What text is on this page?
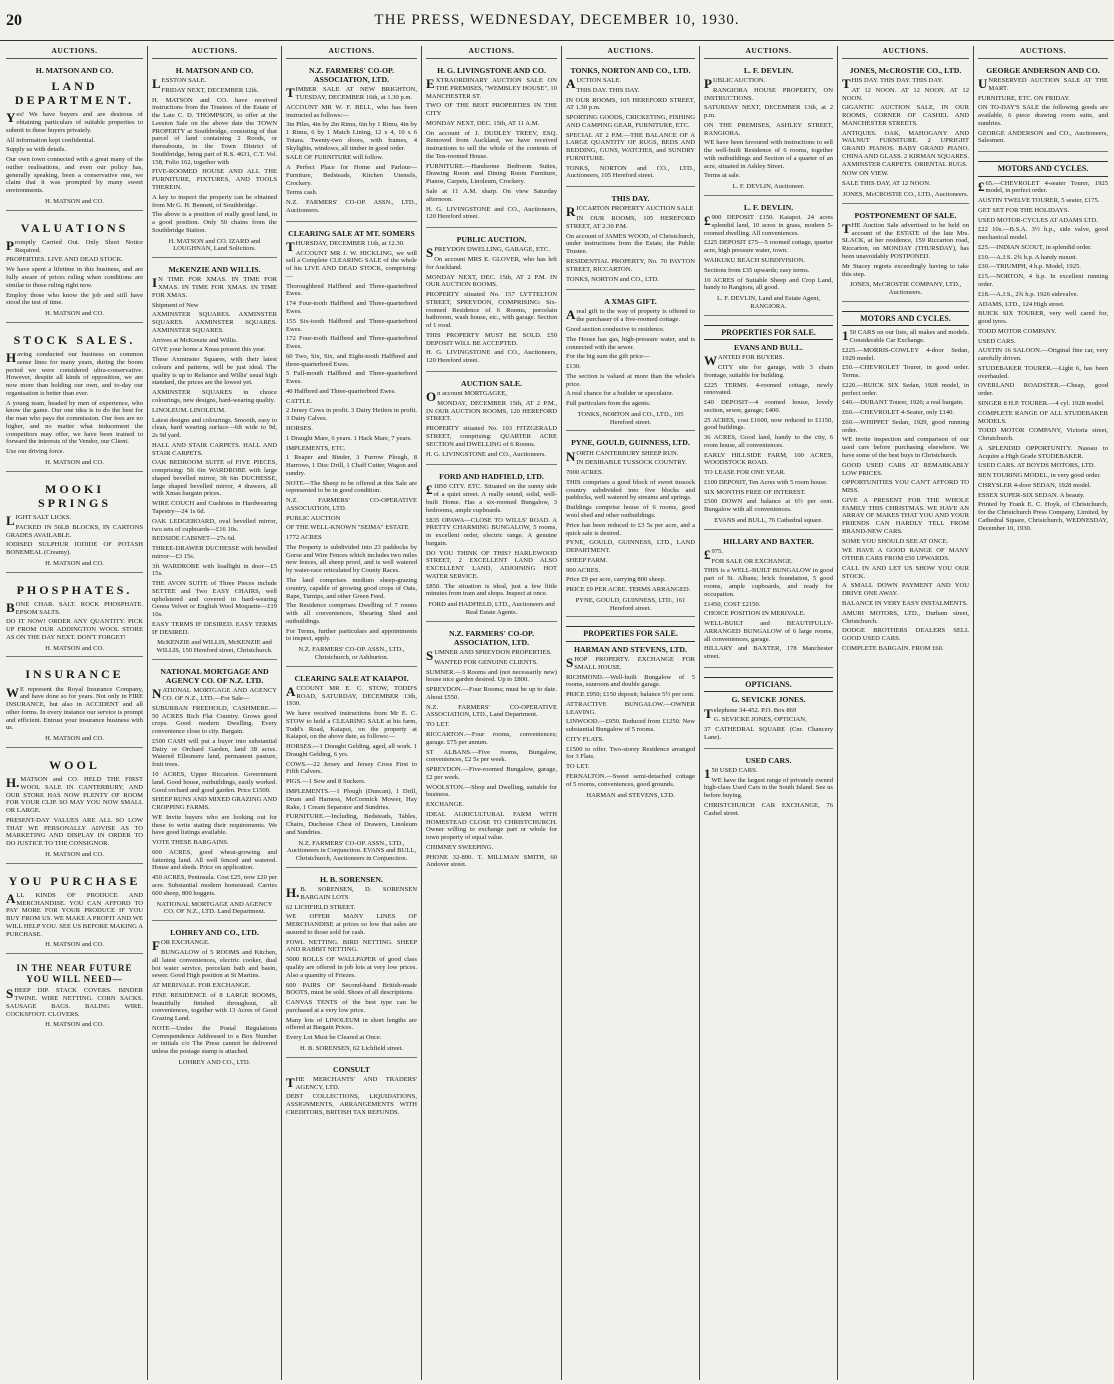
20	THE PRESS, WEDNESDAY, DECEMBER 10, 1930.
AUCTIONS.
H. MATSON AND CO.
LAND DEPARTMENT.

Yes! We have buyers and are desirous of obtaining particulars of suitable properties to submit to these buyers privately.

All information kept confidential.

Supply us with details.

Our own town connected with a great many of the outlier realisations, and even our policy has, generally speaking, been a conservative one, we claim that it was prompted by many sweet environments.

H. MATSON and CO.
VALUATIONS

Promptly Carried Out. Only Short Notice Required.

PROPERTIES. LIVE AND DEAD STOCK.

We have spent a lifetime in this business, and are fully aware of prices ruling when conditions are similar to those ruling right now.

Employ those who know the job and still have stood the test of time.

H. MATSON and CO.
STOCK SALES.

Having conducted our business on common sense lines for many years, during the boom period we were considered ultra-conservative. However, despite all kinds of opposition, we are now more than holding our own, and to-day our organisation is better than ever.

A young team, headed by men of experience, who know the game. Our one idea is to do the best for the man who pays the commission. Our fees are no higher, and no matter what inducement the competitors may offer, we have been trained to forward the interests of the Vendor, our Client.

Use our driving force.

H. MATSON and CO.
MOOKI SPRINGS

LIGHT SALT LICKS.

PACKED IN 56LB BLOCKS, IN CARTONS GRADES AVAILABLE.

IODISED SULPHUR IODIDE OF POTASH BONEMEAL (Creamy).

H. MATSON and CO.
PHOSPHATES.

BONE CHAR. SALT. ROCK PHOSPHATE. EPSOM SALTS.

DO IT NOW! ORDER ANY QUANTITY. PICK UP FROM OUR ADDINGTON WOOL STORE AS ON THE DAY NEXT. DON'T FORGET!

H. MATSON and CO.
INSURANCE

WE represent the Royal Insurance Company, and have done so for years. Not only in FIRE INSURANCE, but also in ACCIDENT and all other forms. In every instance our service is prompt and efficient. Entrust your insurance business with us.

H. MATSON and CO.
WOOL

H.MATSON and CO. HELD THE FIRST WOOL SALE IN CANTERBURY, AND OUR STORE HAS NOW PLENTY OF ROOM FOR YOUR CLIP. SO MAY YOU NOW SMALL OR LARGE.

PRESENT-DAY VALUES ARE ALL SO LOW THAT WE PERSONALLY ADVISE AS TO MARKETING AND DISPLAY IN ORDER TO DO JUSTICE TO THE CONSIGNOR.

H. MATSON and CO.
YOU PURCHASE

ALL KINDS OF PRODUCE AND MERCHANDISE. YOU CAN AFFORD TO PAY MORE FOR YOUR PRODUCE IF YOU BUY FROM US. WE MAKE A PROFIT AND WE WILL HELP YOU. SEE US BEFORE MAKING A PURCHASE.

H. MATSON and CO.
IN THE NEAR FUTURE YOU WILL NEED—

SHEEP DIP. STACK COVERS. BINDER TWINE. WIRE NETTING. CORN SACKS. SAUSAGE BAGS. BALING WIRE. COCKSFOOT. CLOVERS.

H. MATSON and CO.
AUCTIONS.
H. MATSON AND CO.

LESSTON SALE.

FRIDAY NEXT, DECEMBER 12th.

H. MATSON and CO. have received instructions from the Trustees of the Estate of the Late C. D. THOMPSON, to offer at the Leeston Sale on the above date the TOWN PROPERTY at Southbridge, consisting of that parcel of land containing 2 Roods, or thereabouts, in the Town District of Southbridge, being part of R.S. 4631, C.T. Vol. 158, Folio 162, together with

FIVE-ROOMED HOUSE AND ALL THE FURNITURE, FIXTURES, AND TOOLS THEREIN.

A key to inspect the property can be obtained from Mr G. H. Bennett, of Southbridge.

The above is a position of really good land, in a good position. Only 50 chains from the Southbridge Station.

H. MATSON and CO. IZARD and LOUGHNAN, Land Solicitors.
McKENZIE AND WILLIS.

IN TIME FOR XMAS. IN TIME FOR XMAS. IN TIME FOR XMAS. IN TIME FOR XMAS.

Shipment of New

AXMINSTER SQUARES. AXMINSTER SQUARES. AXMINSTER SQUARES. AXMINSTER SQUARES.

Arrives at McKenzie and Willis.

GIVE your home a Xmas present this year.

These Axminster Squares, with their latest colours and patterns, will be just ideal. The quality is up to Reliance and Willis' usual high standard, the prices are the lowest yet.

AXMINSTER SQUARES in choice colourings, new designs, hard-wearing quality.

LINOLEUM. LINOLEUM.

Latest designs and colourings. Smooth, easy to clean, hard wearing surface—6ft wide to 9d, 2s 9d yard.

HALL AND STAIR CARPETS. HALL AND STAIR CARPETS.

OAK BEDROOM SUITE of FIVE PIECES, comprising: 5ft 6in WARDROBE with large shaped bevelled mirror, 3ft 6in DUCHESSE, large shaped bevelled mirror, 4 drawers, all with Xmas bargain prices.

WIRE COUCH and Cushions in Hardwearing Tapestry—24 1s 6d.

OAK LEDGEBOARD, oval bevelled mirror, two sets of cupboards—£16 10s.

BEDSIDE CABINET—27s 6d.

THREE-DRAWER DUCHESSE with bevelled mirror—£3 15s.

3ft WARDROBE with leadlight in door—£5 15s.

THE AVON SUITE of Three Pieces include SETTEE and Two EASY CHAIRS, well upholstered and covered in hard-wearing Genoa Velvet or English Wool Moquette—£19 10s.

EASY TERMS IF DESIRED. EASY TERMS IF DESIRED.

McKENZIE and WILLIS, McKENZIE and WILLIS, 150 Hereford street, Christchurch.
NATIONAL MORTGAGE AND AGENCY CO. OF N.Z. LTD.

NATIONAL MORTGAGE AND AGENCY CO. OF N.Z., LTD.—For Sale—

SUBURBAN FREEHOLD, CASHMERE.—50 ACRES Rich Flat Country. Grows good crops. Good modern Dwelling. Every convenience close to city. Bargain.

£500 CASH will put a buyer into substantial Dairy or Orchard Garden, land 38 acres. Watered Ellesmere land, permanent pasture, fruit trees.

10 ACRES, Upper Riccarton. Government land. Good house, outbuildings, easily worked. Good orchard and good garden. Price £1500.

SHEEP RUNS AND MIXED GRAZING AND CROPPING FARMS.

WE Invite buyers who are looking out for these to write stating their requirements. We have good listings available.

VOTE THESE BARGAINS.

600 ACRES, good wheat-growing and fattening land. All well fenced and watered. House and sheds. Price on application.

450 ACRES, Peninsula. Cost £25, now £20 per acre. Substantial modern homestead. Carries 600 sheep, 800 hoggets.

NATIONAL MORTGAGE AND AGENCY CO. OF N.Z., LTD. Land Department.
LOHREY AND CO., LTD.

FOR EXCHANGE.

BUNGALOW of 5 ROOMS and Kitchen, all latest conveniences, electric cooker, dual hot water service, porcelain bath and basin, sewer. Good High position at St Martins.

AT MERIVALE. FOR EXCHANGE.

FINE RESIDENCE of 8 LARGE ROOMS, beautifully finished throughout, all conveniences, together with 13 Acres of Good Grazing Land.

NOTE—Under the Postal Regulations Correspondence Addressed to a Box Number or initials c/o The Press cannot be delivered unless the postage stamp is attached.

LOHREY AND CO., LTD.
AUCTIONS.
N.Z. FARMERS' CO-OP. ASSOCIATION, LTD.

TIMBER SALE AT NEW BRIGHTON, TUESDAY, DECEMBER 16th, at 1.30 p.m.

ACCOUNT MR W. F. BELL, who has been instructed as follows:—

3in Piles, 4in by 2in Rimu, 6in by 1 Rimu, 4in by 1 Rimu, 6 by 1 Match Lining, 12 x 4, 10 x 6 Totara. Twenty-two doors, with frames, 4 Skylights, windows, all timber in good order.

SALE OF FURNITURE will follow.

A Perfect Place for Home and Parlour— Furniture, Bedsteads, Kitchen Utensils, Crockery.

Terms cash.

N.Z. FARMERS' CO-OP. ASSN., LTD., Auctioneers.

CLEARING SALE AT MT. SOMERS

THURSDAY, DECEMBER 11th, at 12.30.

ACCOUNT MR J. W. HICKLING, we will sell a Complete CLEARING SALE of the whole of his LIVE AND DEAD STOCK, comprising:—

Thoroughbred Halfbred and Three-quarterbred Ewes.

174 Four-tooth Halfbred and Three-quarterbred Ewes.

155 Six-tooth Halfbred and Three-quarterbred Ewes.

172 Four-tooth Halfbred and Three-quarterbred Ewes.

60 Two, Six, Six, and Eight-tooth Halfbred and three-quarterbred Ewes.

5 Full-mouth Halfbred and Three-quarterbred Ewes.

40 Halfbred and Three-quarterbred Ewes.

CATTLE.

2 Jersey Cows in profit. 3 Dairy Heifers in profit. 3 Dairy Calves.

HORSES.

1 Draught Mare, 6 years. 1 Hack Mare, 7 years.

IMPLEMENTS, ETC.

1 Reaper and Binder, 3 Furrow Plough, 8 Harrows, 1 Disc Drill, 1 Chaff Cutter, Wagon and sundry.

NOTE—The Sheep to be offered at this Sale are represented to be in good condition.

N.Z. FARMERS' CO-OPERATIVE ASSOCIATION, LTD.

PUBLIC AUCTION

OF THE WELL-KNOWN "SEIMA" ESTATE

1772 ACRES

The Property is subdivided into 23 paddocks by Gorse and Wire Fences which includes two miles new fences, all sheep proof, and is well watered by water-race reticulated by County Races.

The land comprises medium sheep-grazing country, capable of growing good crops of Oats, Rape, Turnips, and other Green Feed.

The Residence comprises Dwelling of 7 rooms with all conveniences, Shearing Shed and outbuildings.

For Terms, further particulars and appointments to inspect, apply.

N.Z. FARMERS' CO-OP. ASSN., LTD., Christchurch, or Ashburton.
CLEARING SALE AT KAIAPOI.

ACCOUNT MR E. C. STOW, TODD'S ROAD, SATURDAY, DECEMBER 13th, 1930.

We have received instructions from Mr E. C. STOW to hold a CLEARING SALE at his farm, Todd's Road, Kaiapoi, on the property at Kaiapoi, on the above date, as follows:—

HORSES.—1 Draught Gelding, aged, all work. 1 Draught Gelding, 6 yrs.

COWS.—22 Jersey and Jersey Cross First to Fifth Calvers.

PIGS.—1 Sow and 8 Suckers.

IMPLEMENTS.—1 Plough (Duncan), 1 Drill, Drum and Harness, McCormick Mower, Hay Rake, 1 Cream Separator and Sundries.

FURNITURE.—Including, Bedsteads, Tables, Chairs, Duchesse Chest of Drawers, Linoleum and Sundries.

N.Z. FARMERS' CO-OP. ASSN., LTD., Auctioneers in Conjunction. EVANS and BULL, Christchurch, Auctioneers in Conjunction.
H. B. SORENSEN.

H.B. SORENSEN, D. SORENSEN BARGAIN LOTS

62 LICHFIELD STREET.

WE OFFER MANY LINES OF MERCHANDISE at prices so low that sales are assured to those sold for cash.

FOWL NETTING. BIRD NETTING. SHEEP AND RABBIT NETTING.

5000 ROLLS OF WALLPAPER of good class quality are offered in job lots at very low prices. Also a quantity of Friezes.

600 PAIRS OF Second-hand British-made BOOTS, must be sold. Shoes of all descriptions.

CANVAS TENTS of the best type can be purchased at a very low price.

Many lots of LINOLEUM in short lengths are offered at Bargain Prices.

Every Lot Must be Cleared at Once.

H. B. SORENSEN, 62 Lichfield street.
CONSULT

THE MERCHANTS' AND TRADERS' AGENCY, LTD.

DEBT COLLECTIONS, LIQUIDATIONS, ASSIGNMENTS, ARRANGEMENTS WITH CREDITORS, BRITISH TAX REFUNDS.

AUCTIONS.
H. G. LIVINGSTONE AND CO.

EXTRAORDINARY AUCTION SALE ON THE PREMISES, "WEMBLEY HOUSE", 10 MANCHESTER ST.

TWO OF THE BEST PROPERTIES IN THE CITY

MONDAY NEXT, DEC. 15th, AT 11 A.M.

On account of J. DUDLEY TREEV, ESQ. Removed from Auckland, we have received instructions to sell the whole of the contents of the Ten-roomed House.

FURNITURE.—Handsome Bedroom Suites, Drawing Room and Dining Room Furniture, Pianos, Carpets, Linoleum, Crockery.

Sale at 11 A.M. sharp. On view Saturday afternoon.

H. G. LIVINGSTONE and CO., Auctioneers, 120 Hereford street.

PUBLIC AUCTION.

SPREYDON DWELLING, GARAGE, ETC.

On account MRS E. GLOVER, who has left for Auckland.

MONDAY NEXT, DEC. 15th, AT 2 P.M. IN OUR AUCTION ROOMS.

PROPERTY situated No. 157 LYTTELTON STREET, SPREYDON, COMPRISING: Six-roomed Residence of 6 Rooms, porcelain bathroom, wash house, etc., with garage. Section of 1 rood.

THIS PROPERTY MUST BE SOLD. £50 DEPOSIT WILL BE ACCEPTED.

H. G. LIVINGSTONE and CO., Auctioneers, 120 Hereford street.

AUCTION SALE.

On account MORTGAGEE,

MONDAY, DECEMBER 15th, AT 2 P.M., IN OUR AUCTION ROOMS, 120 HEREFORD STREET.

PROPERTY situated No. 103 FITZGERALD STREET, comprising: QUARTER ACRE SECTION and DWELLING of 6 Rooms.

H. G. LIVINGSTONE and CO., Auctioneers.

FORD AND HADFIELD, LTD.

£1850 CITY. ETC. Situated on the sunny side of a quiet street. A really sound, solid, well-built Home. Has a six-roomed Bungalow, 3 bedrooms, ample cupboards.

£835 OPAWA—CLOSE TO WILLS' ROAD. A PRETTY CHARMING BUNGALOW, 5 rooms, in excellent order, electric range. A genuine bargain.

DO YOU THINK OF THIS? HARLEWOOD STREET, 2 EXCELLENT LAND ALSO EXCELLENT LAND, ADJOINING HOT WATER SERVICE.

£850. The situation is ideal, just a few little minutes from tram and shops. Inspect at once.

FORD and HADFIELD, LTD., Auctioneers and Real Estate Agents.
N.Z. FARMERS' CO-OP. ASSOCIATION, LTD.

SUMNER AND SPREYDON PROPERTIES.

WANTED FOR GENUINE CLIENTS.

SUMNER.—3 Rooms and (not necessarily new) house nice garden desired. Up to £800.

SPREYDON.—Four Rooms; must be up to date. About £550.

N.Z. FARMERS' CO-OPERATIVE ASSOCIATION, LTD., Land Department.

TO LET.

RICCARTON.—Four rooms, conveniences; garage. £75 per annum.

ST ALBANS.—Five rooms, Bungalow, conveniences, £2 5s per week.

SPREYDON.—Five-roomed Bungalow, garage, £2 per week.

WOOLSTON.—Shop and Dwelling, suitable for business.

EXCHANGE.

IDEAL AGRICULTURAL FARM WITH HOMESTEAD CLOSE TO CHRISTCHURCH. Owner willing to exchange part or whole for town property of equal value.

CHIMNEY SWEEPING.

PHONE 32-890. T. MILLMAN SMITH, 60 Andover street.

AUCTIONS.
TONKS, NORTON AND CO., LTD.

AUCTION SALE.

THIS DAY. THIS DAY.

IN OUR ROOMS, 105 HEREFORD STREET, AT 1.30 p.m.

SPORTING GOODS, CRICKETING, FISHING AND CAMPING GEAR, FURNITURE, ETC.

SPECIAL AT 2 P.M.—THE BALANCE OF A LARGE QUANTITY OF RUGS, BEDS AND BEDDING, GUNS, WATCHES, and SUNDRY FURNITURE.

TONKS, NORTON and CO., LTD., Auctioneers, 105 Hereford street.

THIS DAY.

RICCARTON PROPERTY AUCTION SALE

IN OUR ROOMS, 105 HEREFORD STREET, AT 2.30 P.M.

On account of JAMES WOOD, of Christchurch, under instructions from the Estate, the Public Trustee.

RESIDENTIAL PROPERTY, No. 70 PAYTON STREET, RICCARTON.

TONKS, NORTON and CO., LTD.

A XMAS GIFT.

Areal gift to the way of property is offered to the purchaser of a five-roomed cottage.

Good section conducive to residence.

The House has gas, high-pressure water, and is connected with the sewer.

For the big sum the gift price—

£130.

The section is valued at more than the whole's price.

A real chance for a builder or speculator.

Full particulars from the agents.

TONKS, NORTON and CO., LTD., 105 Hereford street.
PYNE, GOULD, GUINNESS, LTD.

NORTH CANTERBURY SHEEP RUN.

IN DESIRABLE TUSSOCK COUNTRY.

7000 ACRES.

THIS comprises a good block of sweet tussock country subdivided into five blocks and paddocks, well watered by streams and springs.

Buildings comprise house of 6 rooms, good wool shed and other outbuildings.

Price has been reduced to £3 5s per acre, and a quick sale is desired.

PYNE, GOULD, GUINNESS, LTD., LAND DEPARTMENT.

SHEEP FARM.

900 ACRES.

Price £9 per acre, carrying 800 sheep.

PRICE £9 PER ACRE. TERMS ARRANGED.

PYNE, GOULD, GUINNESS, LTD., 161 Hereford street.
PROPERTIES FOR SALE.
HARMAN AND STEVENS, LTD.

SHOP PROPERTY. EXCHANGE FOR SMALL HOUSE.

RICHMOND.—Well-built Bungalow of 5 rooms, sunroom and double garage.

PRICE £950; £150 deposit; balance 5½ per cent.

ATTRACTIVE BUNGALOW.—OWNER LEAVING.

LINWOOD.—£950. Reduced from £1250. New substantial Bungalow of 5 rooms.

CITY FLATS.

£1500 to offer. Two-storey Residence arranged for 3 Flats.

TO LET.

FERNALTON.—Sweet semi-detached cottage of 5 rooms, conveniences, good grounds.

HARMAN and STEVENS, LTD.
AUCTIONS.
L. F. DEVLIN.

PUBLIC AUCTION.

RANGIORA HOUSE PROPERTY, ON INSTRUCTIONS.

SATURDAY NEXT, DECEMBER 13th, at 2 p.m.

ON THE PREMISES, ASHLEY STREET, RANGIORA.

WE have been favoured with instructions to sell the well-built Residence of 6 rooms, together with outbuildings and Section of a quarter of an acre, situated in Ashley Street.

Terms at sale.

L. F. DEVLIN, Auctioneer.
L. F. DEVLIN.

£900 DEPOSIT £150. Kaiapoi. 24 acres splendid land, 10 acres in grass, modern 5-roomed dwelling. All conveniences.

£225 DEPOSIT £75—5 roomed cottage, quarter acre, high pressure water, town.

WAIKUKU BEACH SUBDIVISION.

Sections from £35 upwards; easy terms.

10 ACRES of Suitable Sheep and Crop Land, handy to Rangiora, all good.

L. F. DEVLIN, Land and Estate Agent, RANGIORA.
PROPERTIES FOR SALE.
EVANS AND BULL.

WANTED FOR BUYERS.

CITY site for garage, with 3 chain frontage, suitable for building.

£225 TERMS. 4-roomed cottage, newly renovated.

£40 DEPOSIT—4 roomed house, lovely section, sewer, garage; £400.

25 ACRES, cost £1600, now reduced to £1150, good buildings.

36 ACRES, Good land, handy to the city, 6 room house, all conveniences.

EARLY HILLSIDE FARM, 100 ACRES, WOODSTOCK ROAD.

TO LEASE FOR ONE YEAR.

£100 DEPOSIT, Ten Acres with 5 room house.

SIX MONTHS FREE OF INTEREST.

£500 DOWN and balance at 6½ per cent. Bungalow with all conveniences.

EVANS and BULL, 76 Cathedral square.
HILLARY AND BAXTER.

£975.

FOR SALE OR EXCHANGE.

THIS is a WELL-BUILT BUNGALOW in good part of St. Albans; brick foundation, 5 good rooms, ample cupboards, and ready for occupation.

£1450, COST £2150.

CHOICE POSITION IN MERIVALE.

WELL-BUILT and BEAUTIFULLY-ARRANGED BUNGALOW of 6 large rooms, all conveniences, garage.

HILLARY and BAXTER, 178 Manchester street.

OPTICIANS.
G. SEVICKE JONES.

Telephone 34-452. P.O. Box 869

G. SEVICKE JONES, OPTICIAN,

37 CATHEDRAL SQUARE (Cnr. Chancery Lane).

USED CARS.

150 USED CARS.

WE have the largest range of privately owned high-class Used Cars in the South Island. See us before buying.

CHRISTCHURCH CAR EXCHANGE, 76 Cashel street.

AUCTIONS.
JONES, McCROSTIE CO., LTD.

THIS DAY. THIS DAY. THIS DAY.

AT 12 NOON. AT 12 NOON. AT 12 NOON.

GIGANTIC AUCTION SALE, IN OUR ROOMS, CORNER OF CASHEL AND MANCHESTER STREETS.

ANTIQUES. OAK, MAHOGANY AND WALNUT FURNITURE. 2 UPRIGHT GRAND PIANOS. BABY GRAND PIANO. CHINA AND GLASS. 2 KIRMAN SQUARES. AXMINSTER CARPETS. ORIENTAL RUGS.

NOW ON VIEW.

SALE THIS DAY, AT 12 NOON.

JONES, McCROSTIE CO., LTD., Auctioneers.
POSTPONEMENT OF SALE.

THE Auction Sale advertised to be held on account of the ESTATE of the late Mrs. SLACK, at her residence, 159 Riccarton road, Riccarton, on MONDAY (THURSDAY), has been unavoidably POSTPONED.

Mr Stacey regrets exceedingly having to take this step.

JONES, McCROSTIE COMPANY, LTD., Auctioneers.
MOTORS AND CYCLES.

150 CARS on our lists, all makes and models. Considerable Car Exchange.

£225.—MORRIS-COWLEY 4-door Sedan, 1929 model.

£50.—CHEVROLET Tourer, in good order. Terms.

£220.—BUICK SIX Sedan, 1928 model, in perfect order.

£40.—DURANT Tourer, 1926; a real bargain.

£60.—CHEVROLET 4-Seater, only £140.

£60.—WHIPPET Sedan, 1929, good running order.

WE invite inspection and comparison of our used cars before purchasing elsewhere. We have some of the best buys in Christchurch.

GOOD USED CARS AT REMARKABLY LOW PRICES.

OPPORTUNITIES YOU CAN'T AFFORD TO MISS.

GIVE A PRESENT FOR THE WHOLE FAMILY THIS CHRISTMAS. WE HAVE AN ARRAY OF MAKES THAT YOU AND YOUR FRIENDS CAN HARDLY TELL FROM BRAND-NEW CARS.

SOME YOU SHOULD SEE AT ONCE.

WE HAVE A GOOD RANGE OF MANY OTHER CARS FROM £50 UPWARDS.

CALL IN AND LET US SHOW YOU OUR STOCK.

A SMALL DOWN PAYMENT AND YOU DRIVE ONE AWAY.

BALANCE IN VERY EASY INSTALMENTS.

AMURI MOTORS, LTD., Durham street, Christchurch.

DODGE BROTHERS DEALERS SELL GOOD USED CARS.

COMPLETE BARGAIN. FROM £60.

AUCTIONS.
GEORGE ANDERSON AND CO.

UNRESERVED AUCTION SALE AT THE MART.

FURNITURE, ETC. ON FRIDAY.

ON TO-DAY'S SALE the following goods are available, 6 piece drawing room suite, and sundries.

GEORGE ANDERSON and CO., Auctioneers, Salesmen.

MOTORS AND CYCLES.

£65.—CHEVROLET 4-seater Tourer, 1925 model, in perfect order.

AUSTIN TWELVE TOURER, 5 seater, £175.

GET SET FOR THE HOLIDAYS.

USED MOTOR-CYCLES AT ADAMS LTD.

£22 10s.—B.S.A. 3½ h.p., side valve, good mechanical model.

£25.—INDIAN SCOUT, in splendid order.

£10.—A.J.S. 2¾ h.p. A handy mount.

£30.—TRIUMPH, 4 h.p. Model, 1925.

£15.—NORTON, 4 h.p. In excellent running order.

£18.—A.J.S., 2¾ h.p. 1926 sidevalve.

ADAMS, LTD., 124 High street.

BUICK SIX TOURER, very well cared for, good tyres.

TODD MOTOR COMPANY.

USED CARS.

AUSTIN 16 SALOON.—Original fine car, very carefully driven.

STUDEBAKER TOURER.—Light 6, has been overhauled.

OVERLAND ROADSTER.—Cheap, good order.

SINGER 8 H.P. TOURER.—4 cyl. 1928 model.

COMPLETE RANGE OF ALL STUDEBAKER MODELS.

TODD MOTOR COMPANY, Victoria street, Christchurch.

A SPLENDID OPPORTUNITY. Nassau to Acquire a High Grade STUDEBAKER.

USED CARS. AT BOYDS MOTORS, LTD.

BEN TOURING MODEL, in very good order.

CHRYSLER 4-door SEDAN, 1928 model.

ESSEX SUPER-SIX SEDAN. A beauty.

Printed by Frank E. C. Hoyk, of Christchurch, for the Christchurch Press Company, Limited, by Cathedral Square, Christchurch, WEDNESDAY, December 10, 1930.
